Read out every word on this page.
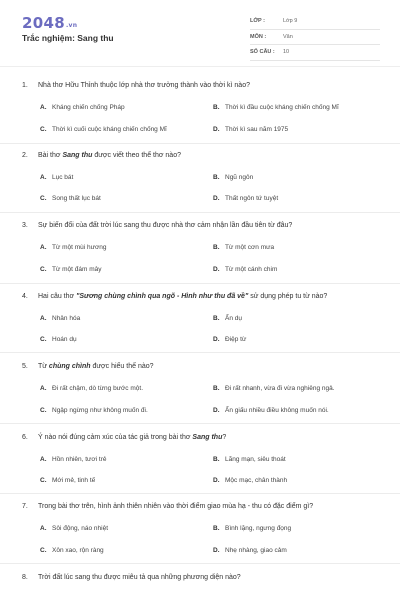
2048.vn
Trắc nghiệm: Sang thu
LỚP :	Lớp 9
MÔN :	Văn
SỐ CÂU : 10
1. Nhà thơ Hữu Thỉnh thuộc lớp nhà thơ trưởng thành vào thời kì nào?
A. Kháng chiến chống Pháp	B. Thời kì đầu cuộc kháng chiến chống Mĩ
C. Thời kì cuối cuộc kháng chiến chống Mĩ	D. Thời kì sau năm 1975
2. Bài thơ Sang thu được viết theo thể thơ nào?
A. Lục bát	B. Ngũ ngôn
C. Song thất lục bát	D. Thất ngôn tứ tuyệt
3. Sự biến đổi của đất trời lúc sang thu được nhà thơ cảm nhận lần đầu tiên từ đâu?
A. Từ một mùi hương	B. Từ một cơn mưa
C. Từ một đám mây	D. Từ một cánh chim
4. Hai câu thơ "Sương chùng chình qua ngõ - Hình như thu đã về" sử dụng phép tu từ nào?
A. Nhân hóa	B. Ẩn dụ
C. Hoán dụ	D. Điệp từ
5. Từ chùng chình được hiểu thế nào?
A. Đi rất chậm, dò từng bước một.	B. Đi rất nhanh, vừa đi vừa nghiêng ngả.
C. Ngập ngừng như không muốn đi.	D. Ẩn giấu nhiều điều không muốn nói.
6. Ý nào nói đúng cảm xúc của tác giả trong bài thơ Sang thu?
A. Hồn nhiên, tươi trẻ	B. Lãng mạn, siêu thoát
C. Mới mẻ, tinh tế	D. Mộc mạc, chân thành
7. Trong bài thơ trên, hình ảnh thiên nhiên vào thời điểm giao mùa hạ - thu có đặc điểm gì?
A. Sôi động, náo nhiệt	B. Bình lặng, ngưng đọng
C. Xôn xao, rộn ràng	D. Nhẹ nhàng, giao cảm
8. Trời đất lúc sang thu được miêu tả qua những phương diện nào?
